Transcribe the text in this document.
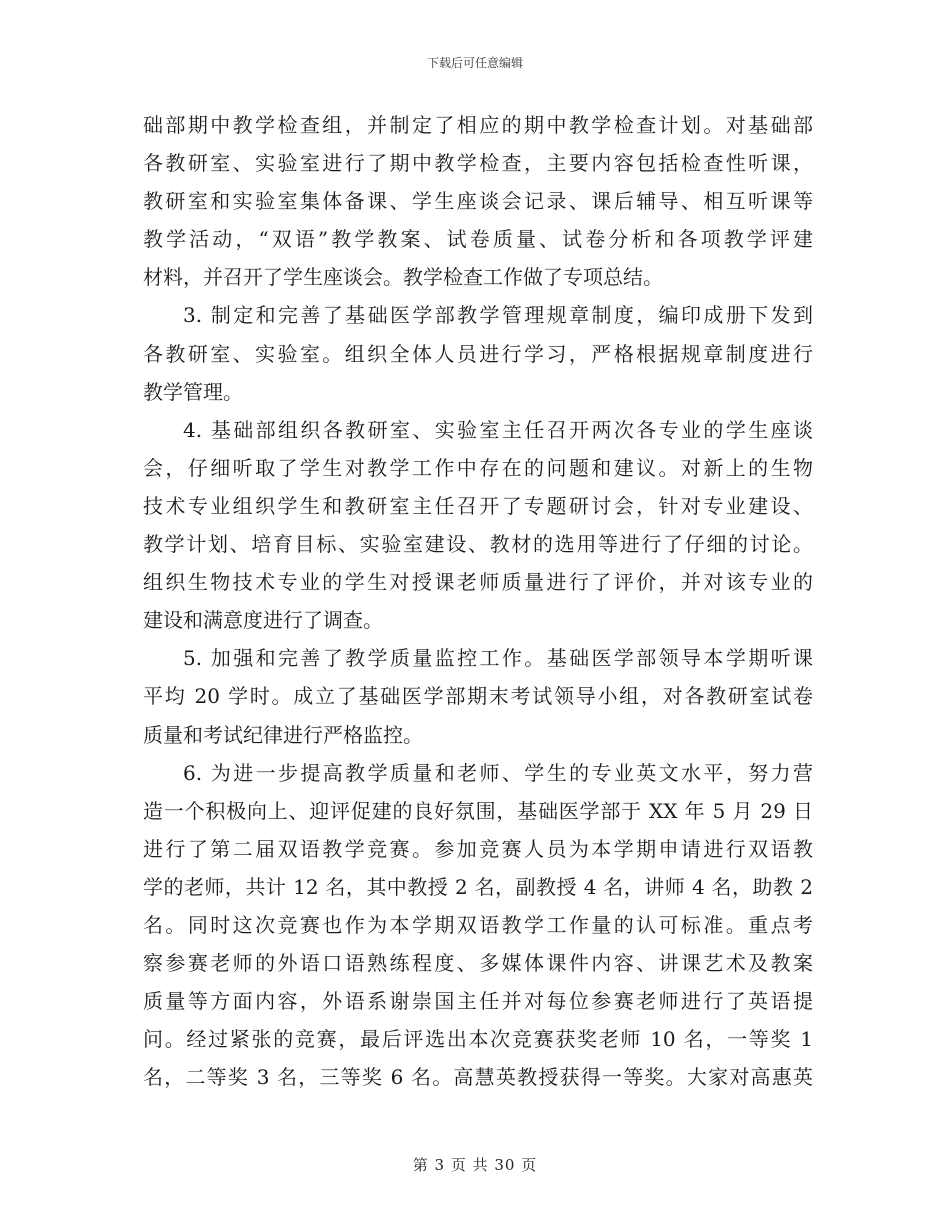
下载后可任意编辑
础部期中教学检查组，并制定了相应的期中教学检查计划。对基础部
各教研室、实验室进行了期中教学检查，主要内容包括检查性听课，
教研室和实验室集体备课、学生座谈会记录、课后辅导、相互听课等
教学活动，“双语”教学教案、试卷质量、试卷分析和各项教学评建
材料，并召开了学生座谈会。教学检查工作做了专项总结。
3. 制定和完善了基础医学部教学管理规章制度，编印成册下发到
各教研室、实验室。组织全体人员进行学习，严格根据规章制度进行
教学管理。
4. 基础部组织各教研室、实验室主任召开两次各专业的学生座谈
会，仔细听取了学生对教学工作中存在的问题和建议。对新上的生物
技术专业组织学生和教研室主任召开了专题研讨会，针对专业建设、
教学计划、培育目标、实验室建设、教材的选用等进行了仔细的讨论。
组织生物技术专业的学生对授课老师质量进行了评价，并对该专业的
建设和满意度进行了调查。
5. 加强和完善了教学质量监控工作。基础医学部领导本学期听课
平均 20 学时。成立了基础医学部期末考试领导小组，对各教研室试卷
质量和考试纪律进行严格监控。
6. 为进一步提高教学质量和老师、学生的专业英文水平，努力营
造一个积极向上、迎评促建的良好氛围，基础医学部于 XX 年 5 月 29 日
进行了第二届双语教学竞赛。参加竞赛人员为本学期申请进行双语教
学的老师，共计 12 名，其中教授 2 名，副教授 4 名，讲师 4 名，助教 2
名。同时这次竞赛也作为本学期双语教学工作量的认可标准。重点考
察参赛老师的外语口语熟练程度、多媒体课件内容、讲课艺术及教案
质量等方面内容，外语系谢崇国主任并对每位参赛老师进行了英语提
问。经过紧张的竞赛，最后评选出本次竞赛获奖老师 10 名，一等奖 1
名，二等奖 3 名，三等奖 6 名。高慧英教授获得一等奖。大家对高惠英
第 3 页 共 30 页
